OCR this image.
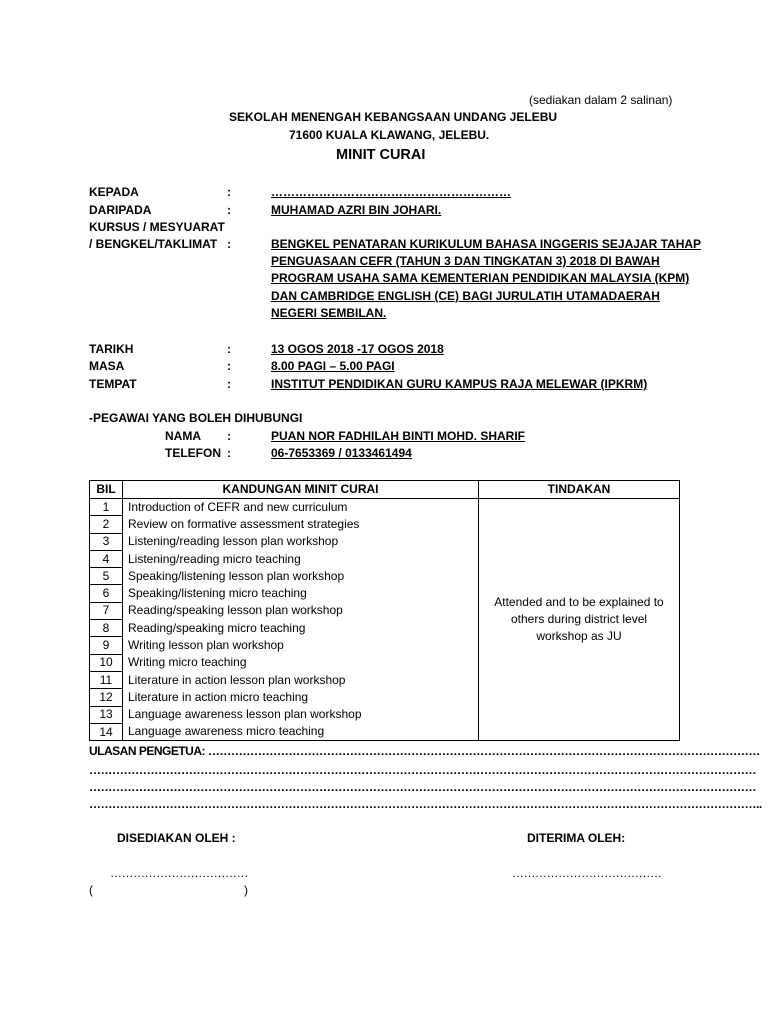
(sediakan dalam 2 salinan)
SEKOLAH MENENGAH KEBANGSAAN UNDANG JELEBU
71600 KUALA KLAWANG, JELEBU.
MINIT CURAI
KEPADA	:	……………………………………………………
DARIPADA	:	MUHAMAD AZRI BIN JOHARI.
KURSUS / MESYUARAT
/ BENGKEL/TAKLIMAT :	BENGKEL PENATARAN KURIKULUM BAHASA INGGERIS SEJAJAR TAHAP
PENGUASAAN CEFR (TAHUN 3 DAN TINGKATAN 3) 2018 DI BAWAH
PROGRAM USAHA SAMA KEMENTERIAN PENDIDIKAN MALAYSIA (KPM)
DAN CAMBRIDGE ENGLISH (CE) BAGI JURULATIH UTAMADAERAH
NEGERI SEMBILAN.
TARIKH	:	13 OGOS 2018 -17 OGOS 2018
MASA	:	8.00 PAGI – 5.00 PAGI
TEMPAT	:	INSTITUT PENDIDIKAN GURU KAMPUS RAJA MELEWAR (IPKRM)
-PEGAWAI YANG BOLEH DIHUBUNGI
NAMA :	PUAN NOR FADHILAH BINTI MOHD. SHARIF
TELEFON :	06-7653369 / 0133461494
BIL	KANDUNGAN MINIT CURAI	TINDAKAN
1	Introduction of CEFR and new curriculum	Attended and to be explained to others during district level workshop as JU
2	Review on formative assessment strategies	
3	Listening/reading lesson plan workshop	
4	Listening/reading micro teaching	
5	Speaking/listening lesson plan workshop	
6	Speaking/listening micro teaching	
7	Reading/speaking lesson plan workshop	
8	Reading/speaking micro teaching	
9	Writing lesson plan workshop	
10	Writing micro teaching	
11	Literature in action lesson plan workshop	
12	Literature in action micro teaching	
13	Language awareness lesson plan workshop	
14	Language awareness micro teaching	
ULASAN PENGETUA: ………………………………………………………………………………………………………………………………
…………………………………………………………………………………………………………………………………………………………
…………………………………………………………………………………………………………………………………………………………
…………………………………………………………………………………………………………………………………………………………..
DISEDIAKAN OLEH :	DITERIMA OLEH:
………………………………	…………………………………
(	)
